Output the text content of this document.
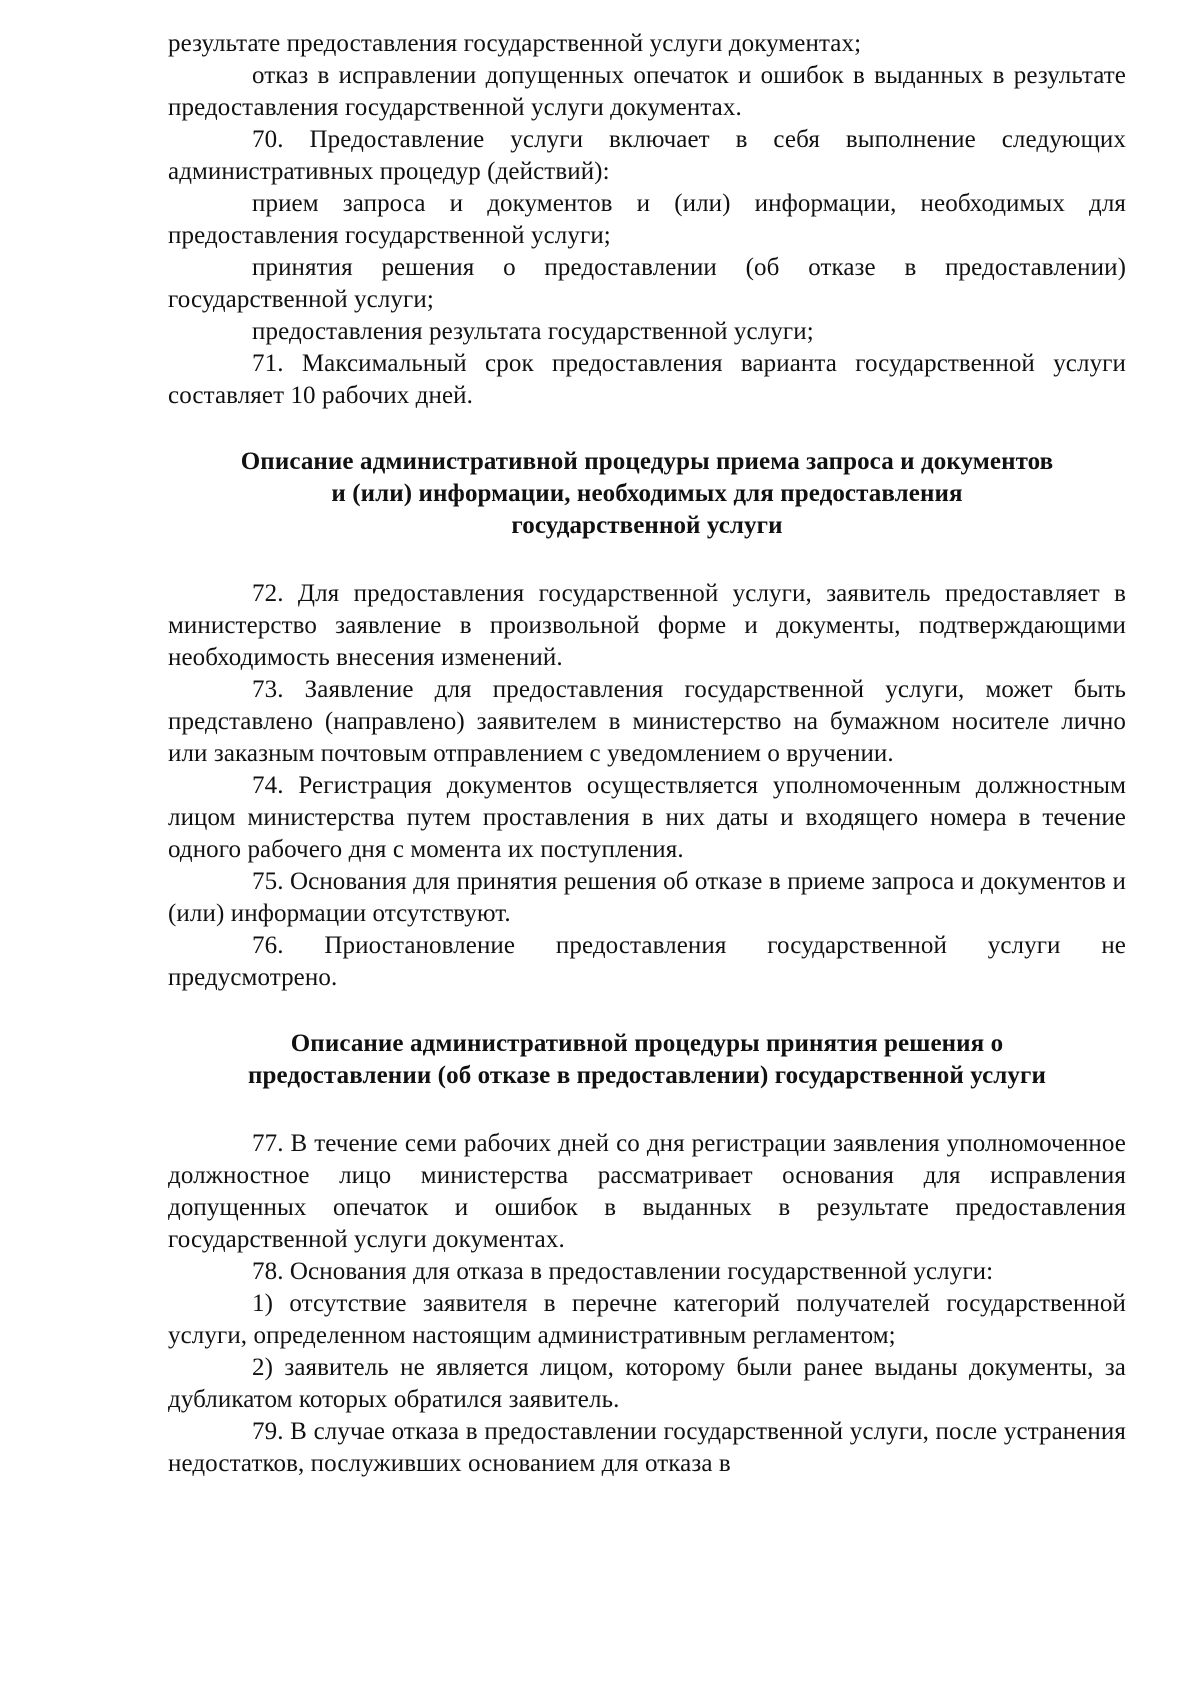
результате предоставления государственной услуги документах;

отказ в исправлении допущенных опечаток и ошибок в выданных в результате предоставления государственной услуги документах.

70. Предоставление услуги включает в себя выполнение следующих административных процедур (действий):

прием запроса и документов и (или) информации, необходимых для предоставления государственной услуги;

принятия решения о предоставлении (об отказе в предоставлении) государственной услуги;

предоставления результата государственной услуги;

71. Максимальный срок предоставления варианта государственной услуги составляет 10 рабочих дней.

Описание административной процедуры приема запроса и документов

и (или) информации, необходимых для предоставления

государственной услуги

72. Для предоставления государственной услуги, заявитель предоставляет в министерство заявление в произвольной форме и документы, подтверждающими необходимость внесения изменений.

73. Заявление для предоставления государственной услуги, может быть представлено (направлено) заявителем в министерство на бумажном носителе лично или заказным почтовым отправлением с уведомлением о вручении.

74. Регистрация документов осуществляется уполномоченным должностным лицом министерства путем проставления в них даты и входящего номера в течение одного рабочего дня с момента их поступления.

75. Основания для принятия решения об отказе в приеме запроса и документов и (или) информации отсутствуют.

76. Приостановление предоставления государственной услуги не предусмотрено.

Описание административной процедуры принятия решения о

предоставлении (об отказе в предоставлении) государственной услуги

77. В течение семи рабочих дней со дня регистрации заявления уполномоченное должностное лицо министерства рассматривает основания для исправления допущенных опечаток и ошибок в выданных в результате предоставления государственной услуги документах.

78. Основания для отказа в предоставлении государственной услуги:

1) отсутствие заявителя в перечне категорий получателей государственной услуги, определенном настоящим административным регламентом;

2) заявитель не является лицом, которому были ранее выданы документы, за дубликатом которых обратился заявитель.

79. В случае отказа в предоставлении государственной услуги, после устранения недостатков, послуживших основанием для отказа в
